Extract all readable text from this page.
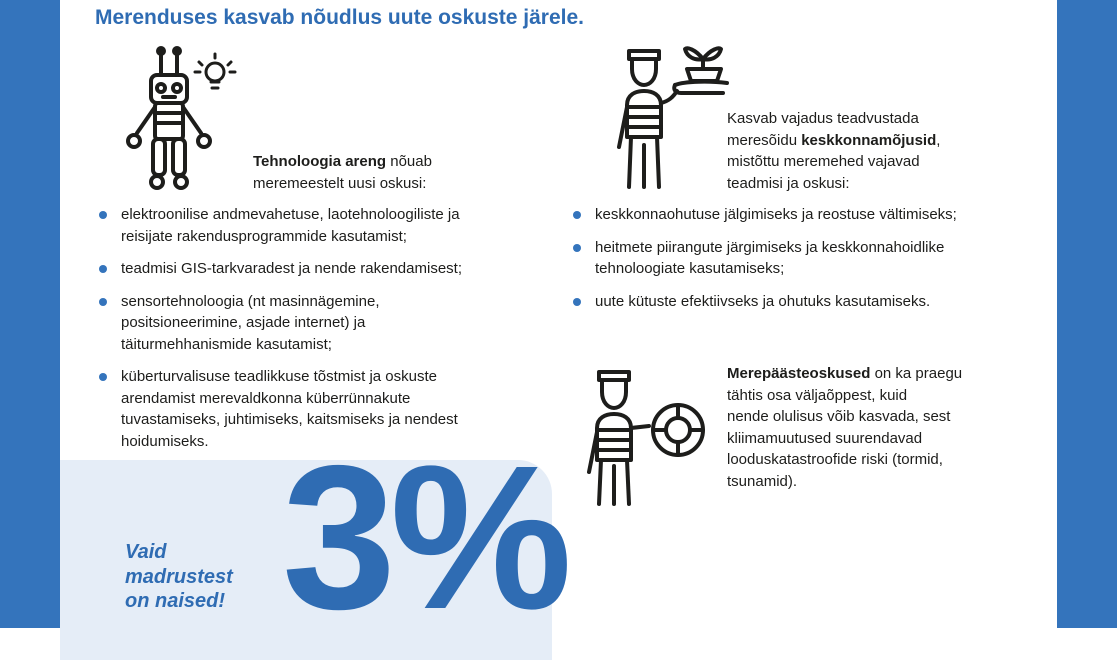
Merenduses kasvab nõudlus uute oskuste järele.

Tehnoloogia areng nõuab
meremeestelt uusi oskusi:

elektroonilise andmevahetuse, laotehnoloogiliste ja
reisijate rakendusprogrammide kasutamist;
teadmisi GIS-tarkvaradest ja nende rakendamisest;
sensortehnoloogia (nt masinnägemine,
positsioneerimine, asjade internet) ja
täiturmehhanismide kasutamist;
küberturvalisuse teadlikkuse tõstmist ja oskuste
arendamist merevaldkonna küberrünnakute
tuvastamiseks, juhtimiseks, kaitsmiseks ja nendest
hoidumiseks.

Kasvab vajadus teadvustada
meresõidu keskkonnamõjusid,
mistõttu meremehed vajavad
teadmisi ja oskusi:

keskkonnaohutuse jälgimiseks ja reostuse vältimiseks;
heitmete piirangute järgimiseks ja keskkonnahoidlike
tehnoloogiate kasutamiseks;
uute kütuste efektiivseks ja ohutuks kasutamiseks.

Merepäästeoskused on ka praegu
tähtis osa väljaõppest, kuid
nende olulisus võib kasvada, sest
kliimamuutused suurendavad
looduskatastroofide riski (tormid,
tsunamid).

Vaid
madrustest
on naised! 3%
